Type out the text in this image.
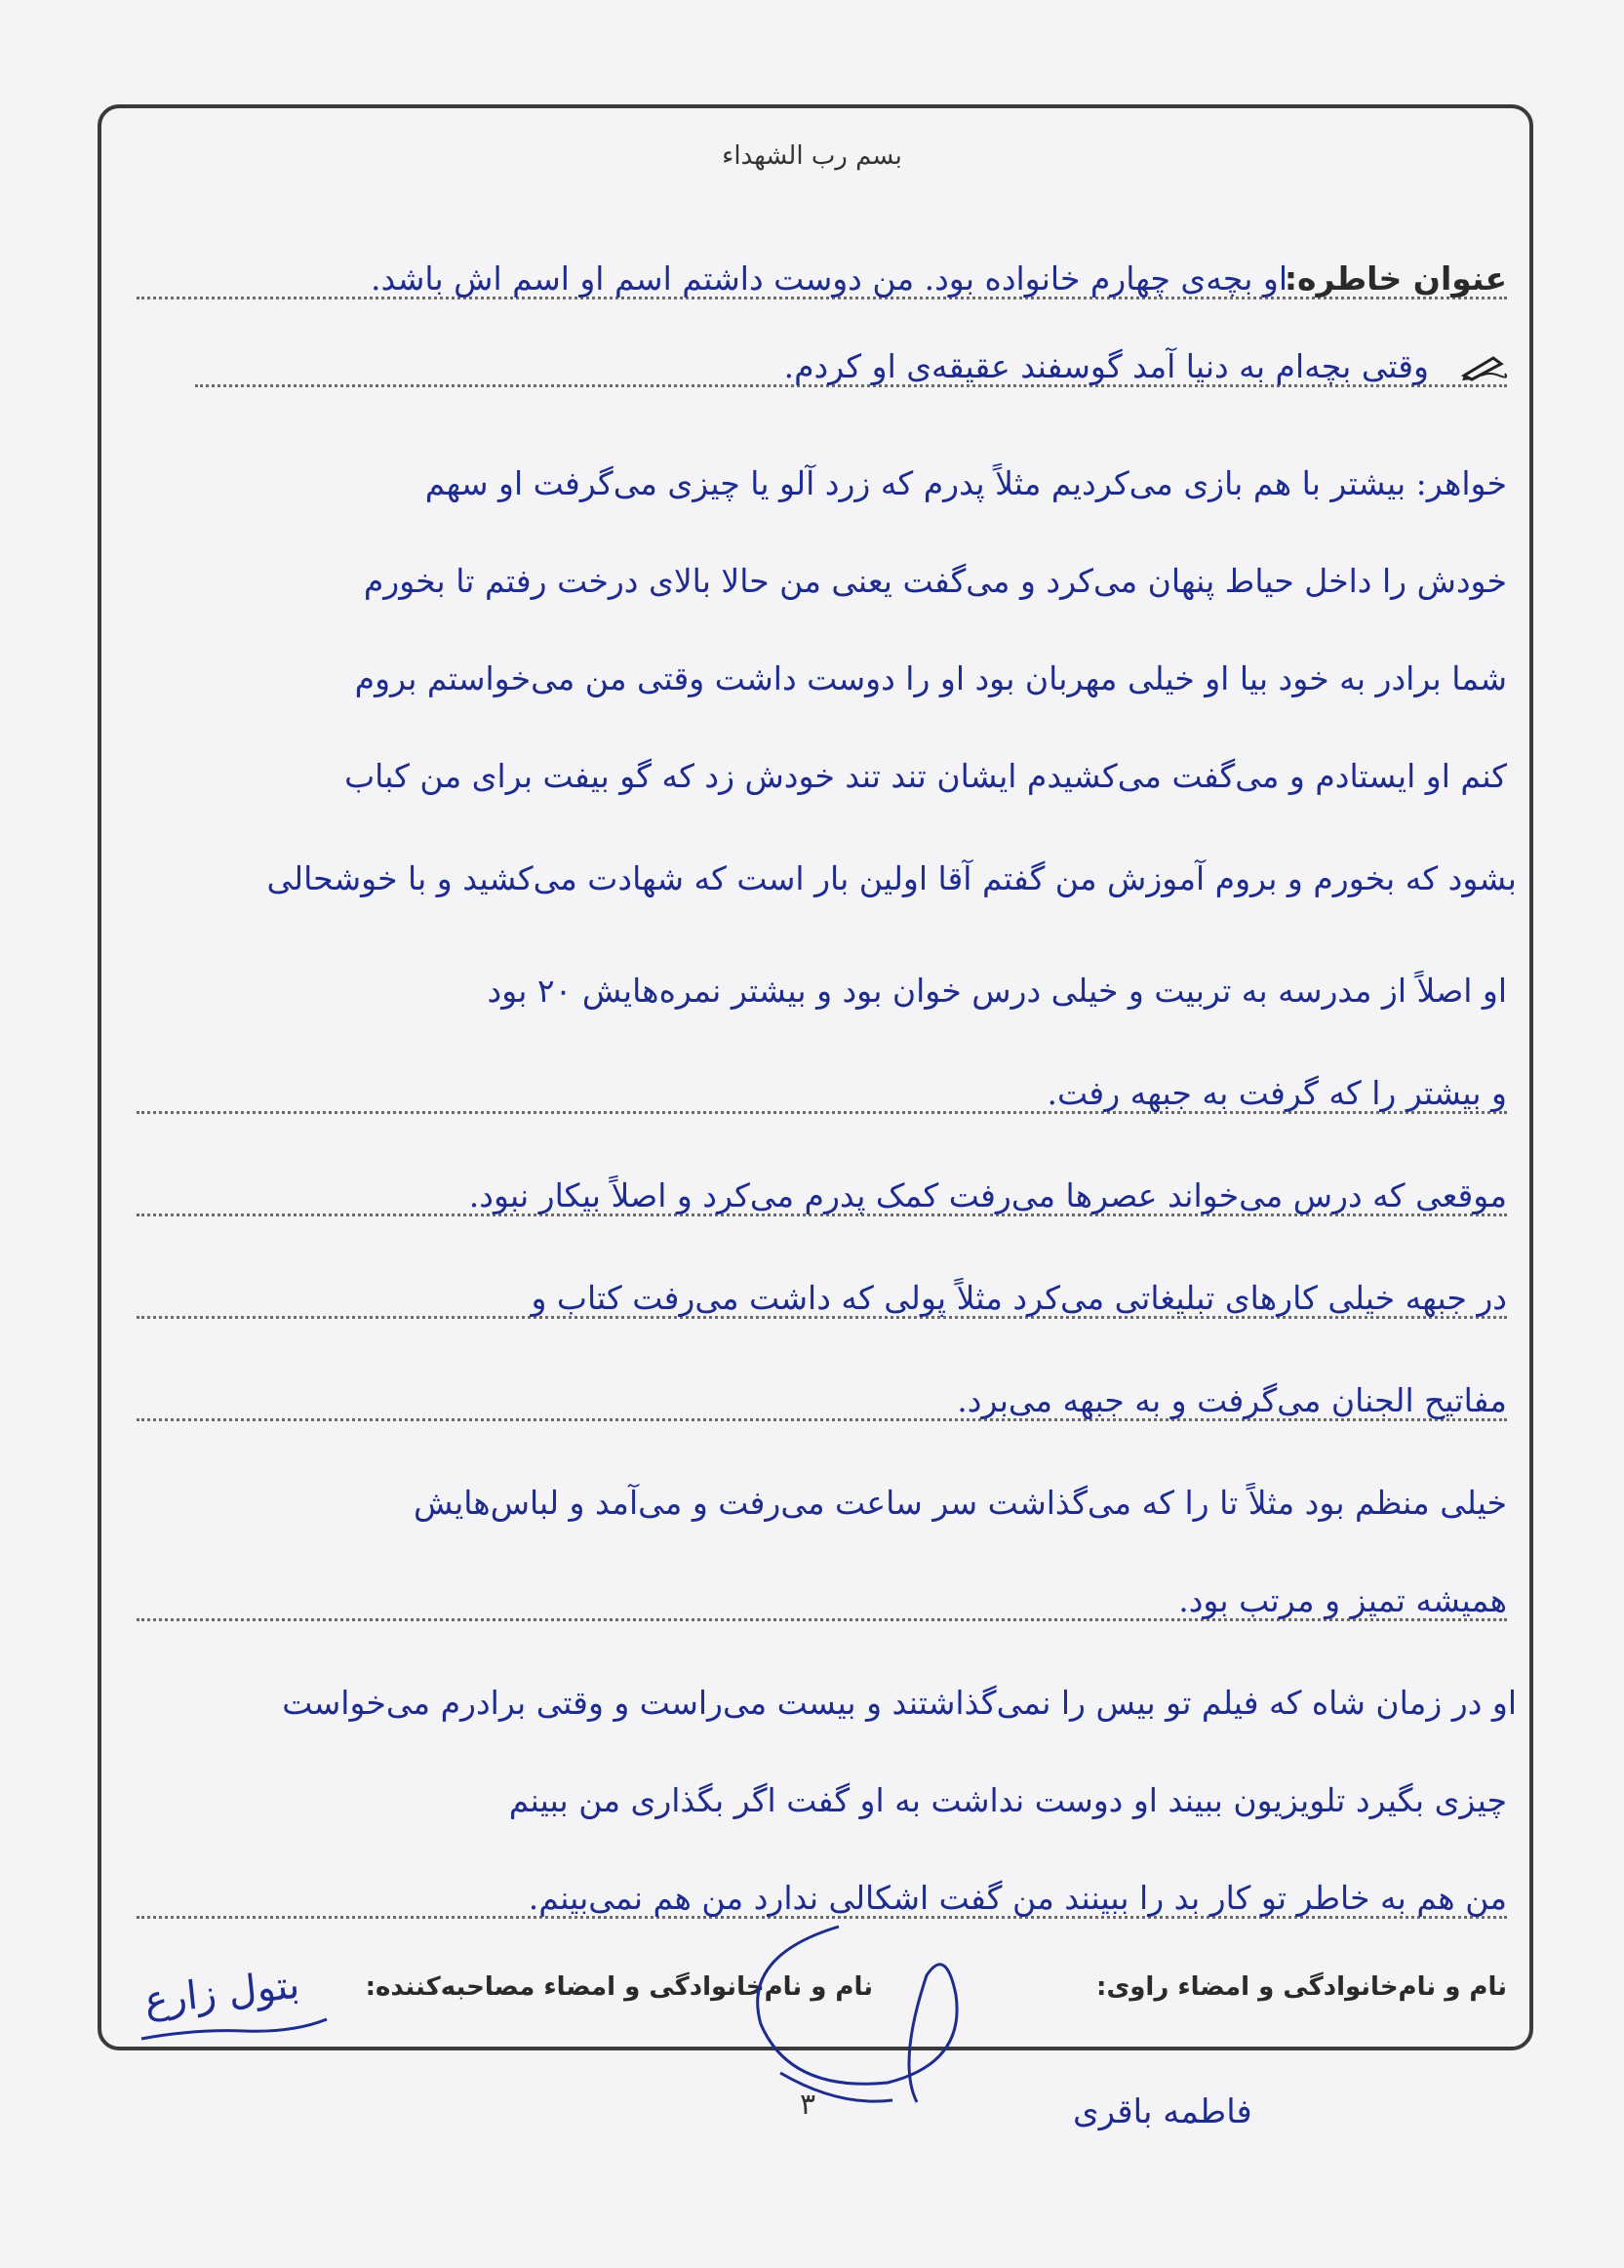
بسم رب الشهداء
عنوان خاطره:
او بچه‌ی چهارم خانواده بود. من دوست داشتم اسم او اسم اش باشد.
وقتی بچه‌ام به دنیا آمد گوسفند عقیقه‌ی او کردم.
خواهر: بیشتر با هم بازی می‌کردیم مثلاً پدرم که زرد آلو یا چیزی می‌گرفت او سهم
خودش را داخل حیاط پنهان می‌کرد و می‌گفت یعنی من حالا بالای درخت رفتم تا بخورم
شما برادر به خود بیا او خیلی مهربان بود او را دوست داشت وقتی من می‌خواستم بروم
کنم او ایستادم و می‌گفت می‌کشیدم ایشان تند تند خودش زد که گو بیفت برای من کباب
بشود که بخورم و بروم آموزش من گفتم آقا اولین بار است که شهادت می‌کشید و با خوشحالی
او اصلاً از مدرسه به تربیت و خیلی درس خوان بود و بیشتر نمره‌هایش ۲۰ بود
و بیشتر را که گرفت به جبهه رفت.
موقعی که درس می‌خواند عصرها می‌رفت کمک پدرم می‌کرد و اصلاً بیکار نبود.
در جبهه خیلی کارهای تبلیغاتی می‌کرد مثلاً پولی که داشت می‌رفت کتاب و
مفاتیح الجنان می‌گرفت و به جبهه می‌برد.
خیلی منظم بود مثلاً تا را که می‌گذاشت سر ساعت می‌رفت و می‌آمد و لباس‌هایش
همیشه تمیز و مرتب بود.
او در زمان شاه که فیلم تو بیس را نمی‌گذاشتند و بیست می‌راست و وقتی برادرم می‌خواست
چیزی بگیرد تلویزیون ببیند او دوست نداشت به او گفت اگر بگذاری من ببینم
من هم به خاطر تو کار بد را ببینند من گفت اشکالی ندارد من هم نمی‌بینم.
نام و نام‌خانوادگی و امضاء راوی:
نام و نام‌خانوادگی و امضاء مصاحبه‌کننده:
بتول زارع
فاطمه باقری
۳
